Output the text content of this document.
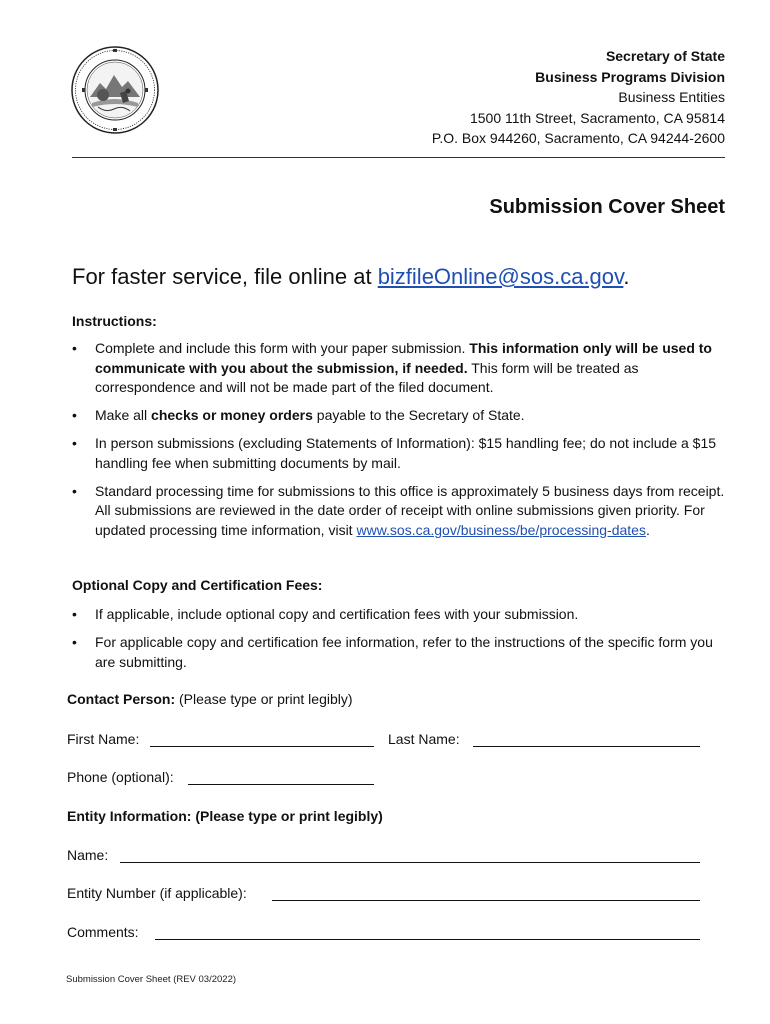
Secretary of State
Business Programs Division
Business Entities
1500 11th Street, Sacramento, CA 95814
P.O. Box 944260, Sacramento, CA 94244-2600
Submission Cover Sheet
For faster service, file online at bizfileOnline@sos.ca.gov.
Instructions:
• Complete and include this form with your paper submission. This information only will be used to communicate with you about the submission, if needed. This form will be treated as correspondence and will not be made part of the filed document.
• Make all checks or money orders payable to the Secretary of State.
• In person submissions (excluding Statements of Information): $15 handling fee; do not include a $15 handling fee when submitting documents by mail.
• Standard processing time for submissions to this office is approximately 5 business days from receipt. All submissions are reviewed in the date order of receipt with online submissions given priority. For updated processing time information, visit www.sos.ca.gov/business/be/processing-dates.
Optional Copy and Certification Fees:
• If applicable, include optional copy and certification fees with your submission.
• For applicable copy and certification fee information, refer to the instructions of the specific form you are submitting.
Contact Person: (Please type or print legibly)
First Name:	Last Name:
Phone (optional):
Entity Information: (Please type or print legibly)
Name:
Entity Number (if applicable):
Comments:
Submission Cover Sheet (REV 03/2022)
